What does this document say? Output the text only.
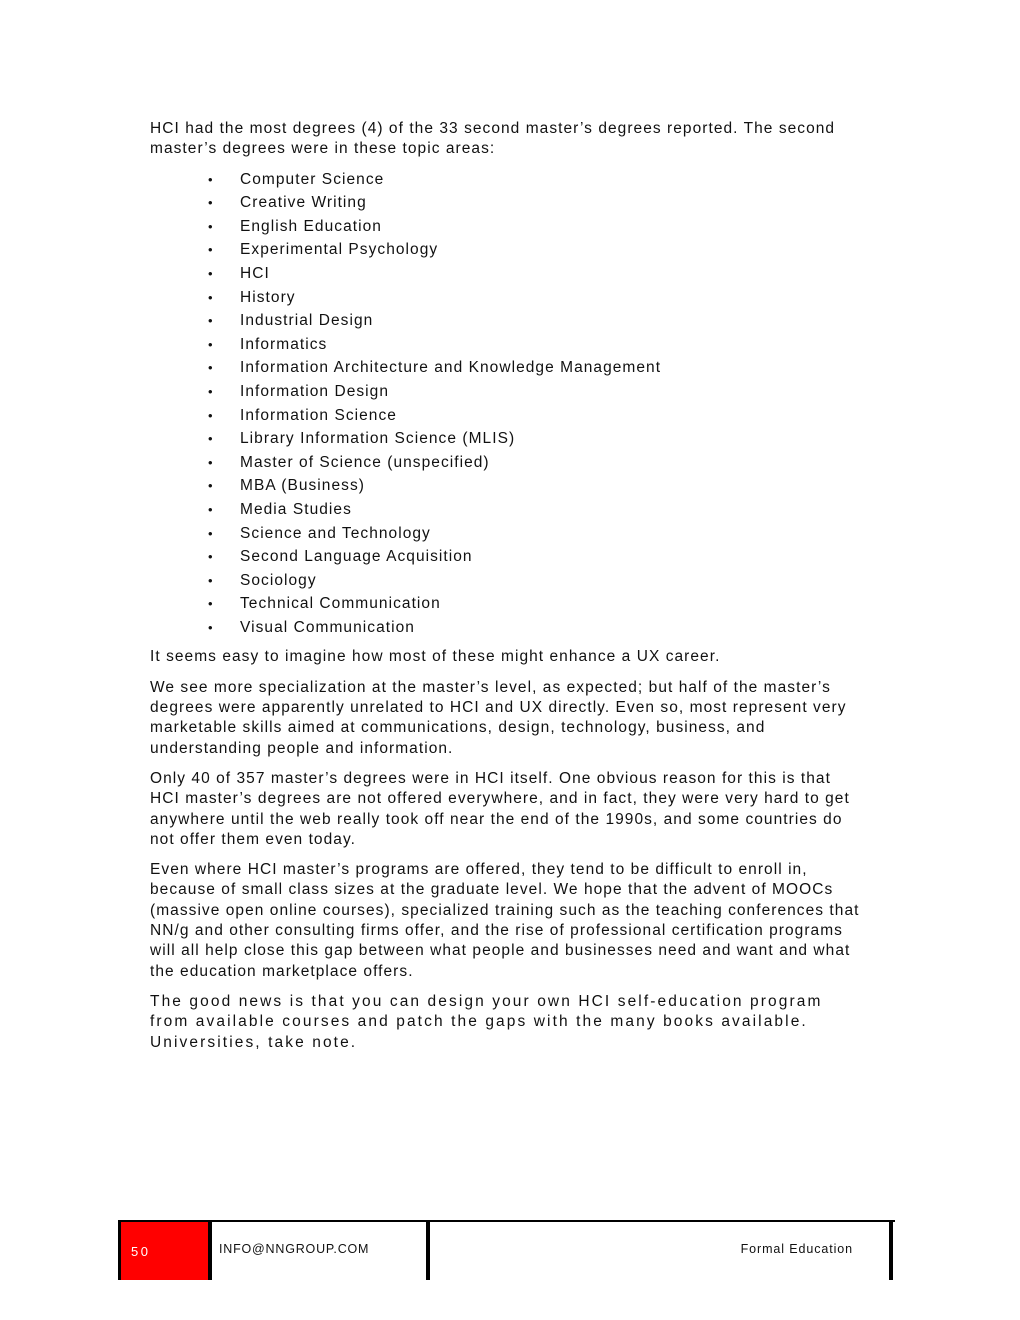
HCI had the most degrees (4) of the 33 second master’s degrees reported. The second master’s degrees were in these topic areas:

• Computer Science
• Creative Writing
• English Education
• Experimental Psychology
• HCI
• History
• Industrial Design
• Informatics
• Information Architecture and Knowledge Management
• Information Design
• Information Science
• Library Information Science (MLIS)
• Master of Science (unspecified)
• MBA (Business)
• Media Studies
• Science and Technology
• Second Language Acquisition
• Sociology
• Technical Communication
• Visual Communication

It seems easy to imagine how most of these might enhance a UX career.

We see more specialization at the master’s level, as expected; but half of the master’s degrees were apparently unrelated to HCI and UX directly. Even so, most represent very marketable skills aimed at communications, design, technology, business, and understanding people and information.

Only 40 of 357 master’s degrees were in HCI itself. One obvious reason for this is that HCI master’s degrees are not offered everywhere, and in fact, they were very hard to get anywhere until the web really took off near the end of the 1990s, and some countries do not offer them even today.

Even where HCI master’s programs are offered, they tend to be difficult to enroll in, because of small class sizes at the graduate level. We hope that the advent of MOOCs (massive open online courses), specialized training such as the teaching conferences that NN/g and other consulting firms offer, and the rise of professional certification programs will all help close this gap between what people and businesses need and want and what the education marketplace offers.

The good news is that you can design your own HCI self-education program from available courses and patch the gaps with the many books available. Universities, take note.

50	INFO@NNGROUP.COM	Formal Education
